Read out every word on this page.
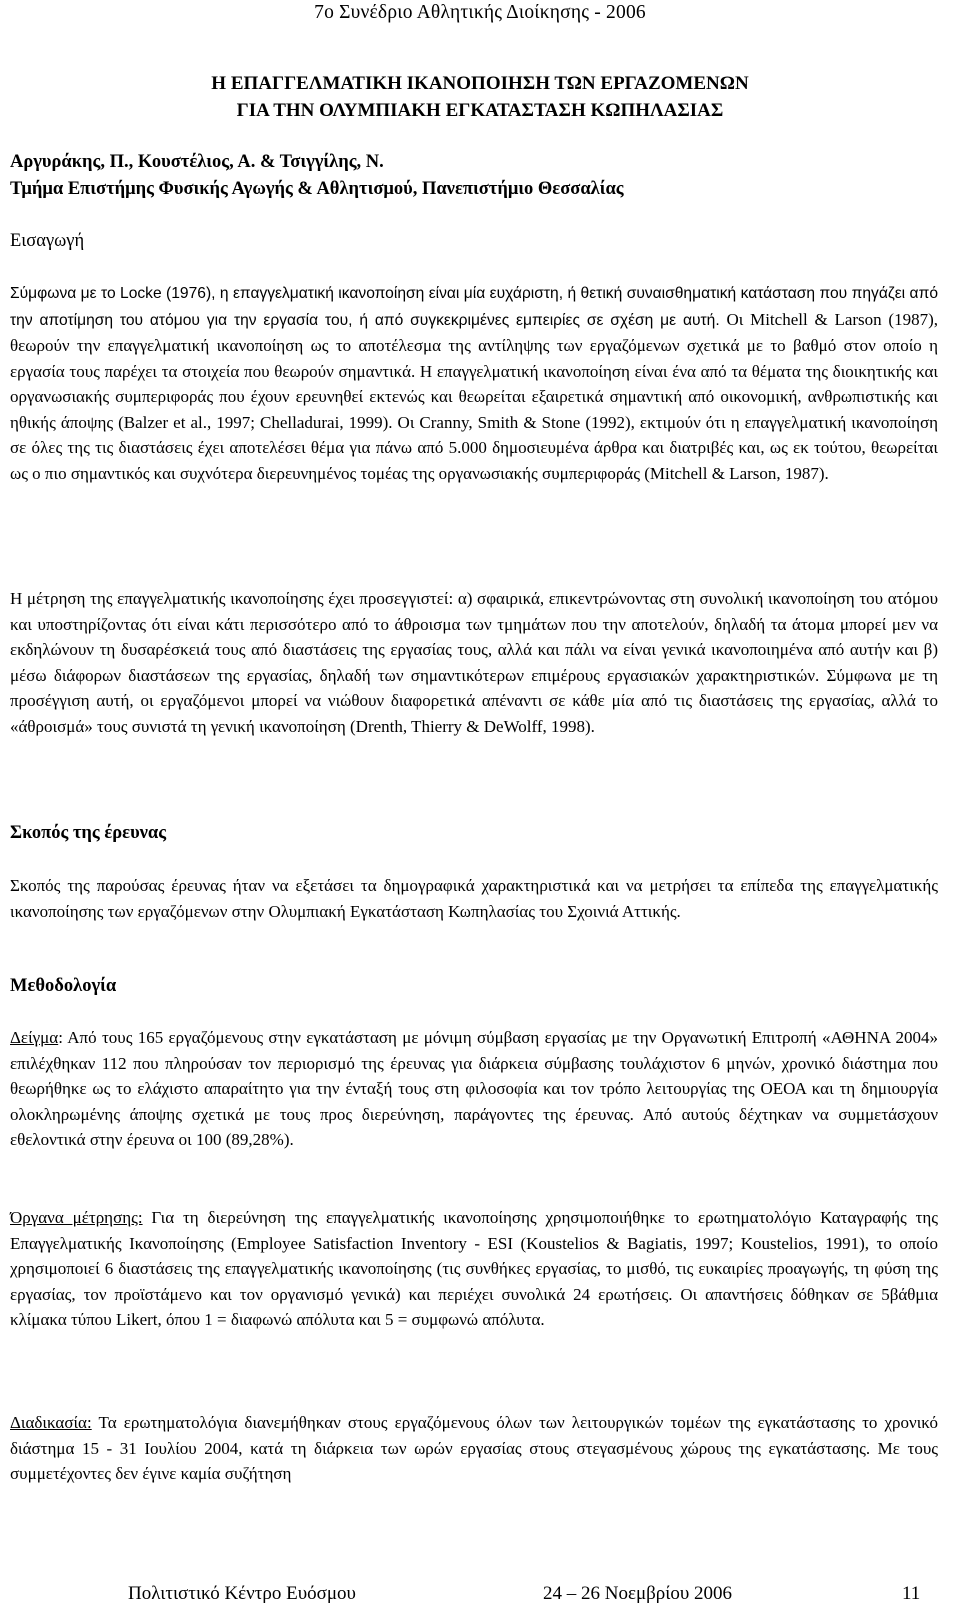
7ο Συνέδριο Αθλητικής Διοίκησης - 2006
Η ΕΠΑΓΓΕΛΜΑΤΙΚΗ ΙΚΑΝΟΠΟΙΗΣΗ ΤΩΝ ΕΡΓΑΖΟΜΕΝΩΝ
ΓΙΑ ΤΗΝ ΟΛΥΜΠΙΑΚΗ ΕΓΚΑΤΑΣΤΑΣΗ ΚΩΠΗΛΑΣΙΑΣ
Αργυράκης, Π., Κουστέλιος, Α. & Τσιγγίλης, Ν.
Τμήμα Επιστήμης Φυσικής Αγωγής & Αθλητισμού, Πανεπιστήμιο Θεσσαλίας
Εισαγωγή
Σύμφωνα με το Locke (1976), η επαγγελματική ικανοποίηση είναι μία ευχάριστη, ή θετική συναισθηματική κατάσταση που πηγάζει από την αποτίμηση του ατόμου για την εργασία του, ή από συγκεκριμένες εμπειρίες σε σχέση με αυτή. Οι Mitchell & Larson (1987), θεωρούν την επαγγελματική ικανοποίηση ως το αποτέλεσμα της αντίληψης των εργαζόμενων σχετικά με το βαθμό στον οποίο η εργασία τους παρέχει τα στοιχεία που θεωρούν σημαντικά. Η επαγγελματική ικανοποίηση είναι ένα από τα θέματα της διοικητικής και οργανωσιακής συμπεριφοράς που έχουν ερευνηθεί εκτενώς και θεωρείται εξαιρετικά σημαντική από οικονομική, ανθρωπιστικής και ηθικής άποψης (Balzer et al., 1997; Chelladurai, 1999). Οι Cranny, Smith & Stone (1992), εκτιμούν ότι η επαγγελματική ικανοποίηση σε όλες της τις διαστάσεις έχει αποτελέσει θέμα για πάνω από 5.000 δημοσιευμένα άρθρα και διατριβές και, ως εκ τούτου, θεωρείται ως ο πιο σημαντικός και συχνότερα διερευνημένος τομέας της οργανωσιακής συμπεριφοράς (Mitchell & Larson, 1987).
Η μέτρηση της επαγγελματικής ικανοποίησης έχει προσεγγιστεί: α) σφαιρικά, επικεντρώνοντας στη συνολική ικανοποίηση του ατόμου και υποστηρίζοντας ότι είναι κάτι περισσότερο από το άθροισμα των τμημάτων που την αποτελούν, δηλαδή τα άτομα μπορεί μεν να εκδηλώνουν τη δυσαρέσκειά τους από διαστάσεις της εργασίας τους, αλλά και πάλι να είναι γενικά ικανοποιημένα από αυτήν και β) μέσω διάφορων διαστάσεων της εργασίας, δηλαδή των σημαντικότερων επιμέρους εργασιακών χαρακτηριστικών. Σύμφωνα με τη προσέγγιση αυτή, οι εργαζόμενοι μπορεί να νιώθουν διαφορετικά απέναντι σε κάθε μία από τις διαστάσεις της εργασίας, αλλά το «άθροισμά» τους συνιστά τη γενική ικανοποίηση (Drenth, Thierry & DeWolff, 1998).
Σκοπός της έρευνας
Σκοπός της παρούσας έρευνας ήταν να εξετάσει τα δημογραφικά χαρακτηριστικά και να μετρήσει τα επίπεδα της επαγγελματικής ικανοποίησης των εργαζόμενων στην Ολυμπιακή Εγκατάσταση Κωπηλασίας του Σχοινιά Αττικής.
Μεθοδολογία
Δείγμα: Από τους 165 εργαζόμενους στην εγκατάσταση με μόνιμη σύμβαση εργασίας με την Οργανωτική Επιτροπή «ΑΘΗΝΑ 2004» επιλέχθηκαν 112 που πληρούσαν τον περιορισμό της έρευνας για διάρκεια σύμβασης τουλάχιστον 6 μηνών, χρονικό διάστημα που θεωρήθηκε ως το ελάχιστο απαραίτητο για την ένταξή τους στη φιλοσοφία και τον τρόπο λειτουργίας της ΟΕΟΑ και τη δημιουργία ολοκληρωμένης άποψης σχετικά με τους προς διερεύνηση, παράγοντες της έρευνας. Από αυτούς δέχτηκαν να συμμετάσχουν εθελοντικά στην έρευνα οι 100 (89,28%).
Όργανα μέτρησης: Για τη διερεύνηση της επαγγελματικής ικανοποίησης χρησιμοποιήθηκε το ερωτηματολόγιο Καταγραφής της Επαγγελματικής Ικανοποίησης (Employee Satisfaction Inventory - ESI (Koustelios & Bagiatis, 1997; Koustelios, 1991), το οποίο χρησιμοποιεί 6 διαστάσεις της επαγγελματικής ικανοποίησης (τις συνθήκες εργασίας, το μισθό, τις ευκαιρίες προαγωγής, τη φύση της εργασίας, τον προϊστάμενο και τον οργανισμό γενικά) και περιέχει συνολικά 24 ερωτήσεις. Οι απαντήσεις δόθηκαν σε 5βάθμια κλίμακα τύπου Likert, όπου 1 = διαφωνώ απόλυτα και 5 = συμφωνώ απόλυτα.
Διαδικασία: Τα ερωτηματολόγια διανεμήθηκαν στους εργαζόμενους όλων των λειτουργικών τομέων της εγκατάστασης το χρονικό διάστημα 15 - 31 Ιουλίου 2004, κατά τη διάρκεια των ωρών εργασίας στους στεγασμένους χώρους της εγκατάστασης. Με τους συμμετέχοντες δεν έγινε καμία συζήτηση
Πολιτιστικό Κέντρο Ευόσμου	24 – 26 Νοεμβρίου 2006	11
